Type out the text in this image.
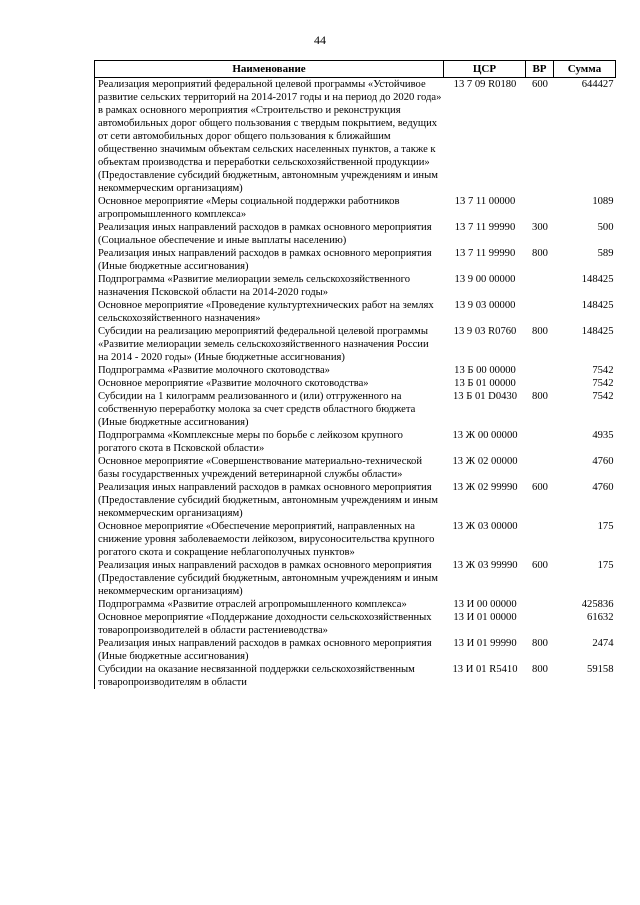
44
Наименование	ЦСР	ВР	Сумма
Реализация мероприятий федеральной целевой программы «Устойчивое развитие сельских территорий на 2014-2017 годы и на период до 2020 года» в рамках основного мероприятия «Строительство и реконструкция автомобильных дорог общего пользования с твердым покрытием, ведущих от сети автомобильных дорог общего пользования к ближайшим общественно значимым объектам сельских населенных пунктов, а также к объектам производства и переработки сельскохозяйственной продукции» (Предоставление субсидий бюджетным, автономным учреждениям и иным некоммерческим организациям)	13 7 09 R0180	600	644427
Основное мероприятие «Меры социальной поддержки работников агропромышленного комплекса»	13 7 11 00000		1089
Реализация иных направлений расходов в рамках основного мероприятия (Социальное обеспечение и иные выплаты населению)	13 7 11 99990	300	500
Реализация иных направлений расходов в рамках основного мероприятия (Иные бюджетные ассигнования)	13 7 11 99990	800	589
Подпрограмма «Развитие мелиорации земель сельскохозяйственного назначения Псковской области на 2014-2020 годы»	13 9 00 00000		148425
Основное мероприятие «Проведение культуртехнических работ на землях сельскохозяйственного назначения»	13 9 03 00000		148425
Субсидии на реализацию мероприятий федеральной целевой программы «Развитие мелиорации земель сельскохозяйственного назначения России на 2014 - 2020 годы» (Иные бюджетные ассигнования)	13 9 03 R0760	800	148425
Подпрограмма «Развитие молочного скотоводства»	13 Б 00 00000		7542
Основное мероприятие «Развитие молочного скотоводства»	13 Б 01 00000		7542
Субсидии на 1 килограмм реализованного и (или) отгруженного на собственную переработку молока за счет средств областного бюджета (Иные бюджетные ассигнования)	13 Б 01 D0430	800	7542
Подпрограмма «Комплексные меры по борьбе с лейкозом крупного рогатого скота в Псковской области»	13 Ж 00 00000		4935
Основное мероприятие «Совершенствование материально-технической базы государственных учреждений ветеринарной службы области»	13 Ж 02 00000		4760
Реализация иных направлений расходов в рамках основного мероприятия (Предоставление субсидий бюджетным, автономным учреждениям и иным некоммерческим организациям)	13 Ж 02 99990	600	4760
Основное мероприятие «Обеспечение мероприятий, направленных на снижение уровня заболеваемости лейкозом, вирусоносительства крупного рогатого скота и сокращение неблагополучных пунктов»	13 Ж 03 00000		175
Реализация иных направлений расходов в рамках основного мероприятия (Предоставление субсидий бюджетным, автономным учреждениям и иным некоммерческим организациям)	13 Ж 03 99990	600	175
Подпрограмма «Развитие отраслей агропромышленного комплекса»	13 И 00 00000		425836
Основное мероприятие «Поддержание доходности сельскохозяйственных товаропроизводителей в области растениеводства»	13 И 01 00000		61632
Реализация иных направлений расходов в рамках основного мероприятия (Иные бюджетные ассигнования)	13 И 01 99990	800	2474
Субсидии на оказание несвязанной поддержки сельскохозяйственным товаропроизводителям в области	13 И 01 R5410	800	59158
